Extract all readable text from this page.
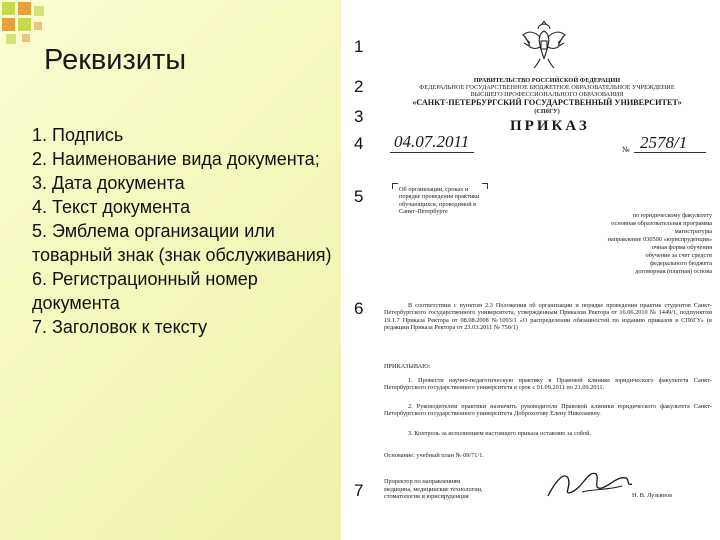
Реквизиты
1. Подпись
2. Наименование вида документа;
3. Дата документа
4. Текст документа
5. Эмблема организации или товарный знак (знак обслуживания)
6. Регистрационный номер документа
7. Заголовок к тексту
ПРАВИТЕЛЬСТВО РОССИЙСКОЙ ФЕДЕРАЦИИ
ФЕДЕРАЛЬНОЕ ГОСУДАРСТВЕННОЕ БЮДЖЕТНОЕ ОБРАЗОВАТЕЛЬНОЕ УЧРЕЖДЕНИЕ
ВЫСШЕГО ПРОФЕССИОНАЛЬНОГО ОБРАЗОВАНИЯ
«САНКТ-ПЕТЕРБУРГСКИЙ ГОСУДАРСТВЕННЫЙ УНИВЕРСИТЕТ»
(СПбГУ)
ПРИКАЗ
04.07.2011	№ 2578/1
Об организации, сроках и порядке проведения практики обучающихся, проводимой в Санкт-Петербурге
по юридическому факультету
основная образовательная программа
магистратуры
направление 030500 «юриспруденция»
очная форма обучения
обучение за счет средств
федерального бюджета
договорная (платная) основа
В соответствии с пунктом 2.3 Положения об организации и порядке проведения практик студентов Санкт-Петербургского государственного университета, утвержденным Приказом Ректора от 16.06.2010 № 1449/1, подпунктом 19.1.7 Приказа Ректора от 08.08.2008 №1093/1 «О распределении обязанностей по изданию приказов в СПбГУ» (в редакции Приказа Ректора от 23.03.2011 № 750/1)
ПРИКАЗЫВАЮ:
1. Провести научно-педагогическую практику в Правовой клинике юридического факультета Санкт-Петербургского государственного университета в срок с 01.09.2011 по 21.09.2011.
2. Руководителем практики назначить руководителя Правовой клиники юридического факультета Санкт-Петербургского государственного университета Доброхотову Елену Николаевну.
3. Контроль за исполнением настоящего приказа оставляю за собой.
Основание: учебный план № 09/71/1.
Проректор по направлениям
медицина, медицинские технологии,
стоматология и юриспруденция	Н. В. Лузьянов
1
2
3
4
5
6
7
